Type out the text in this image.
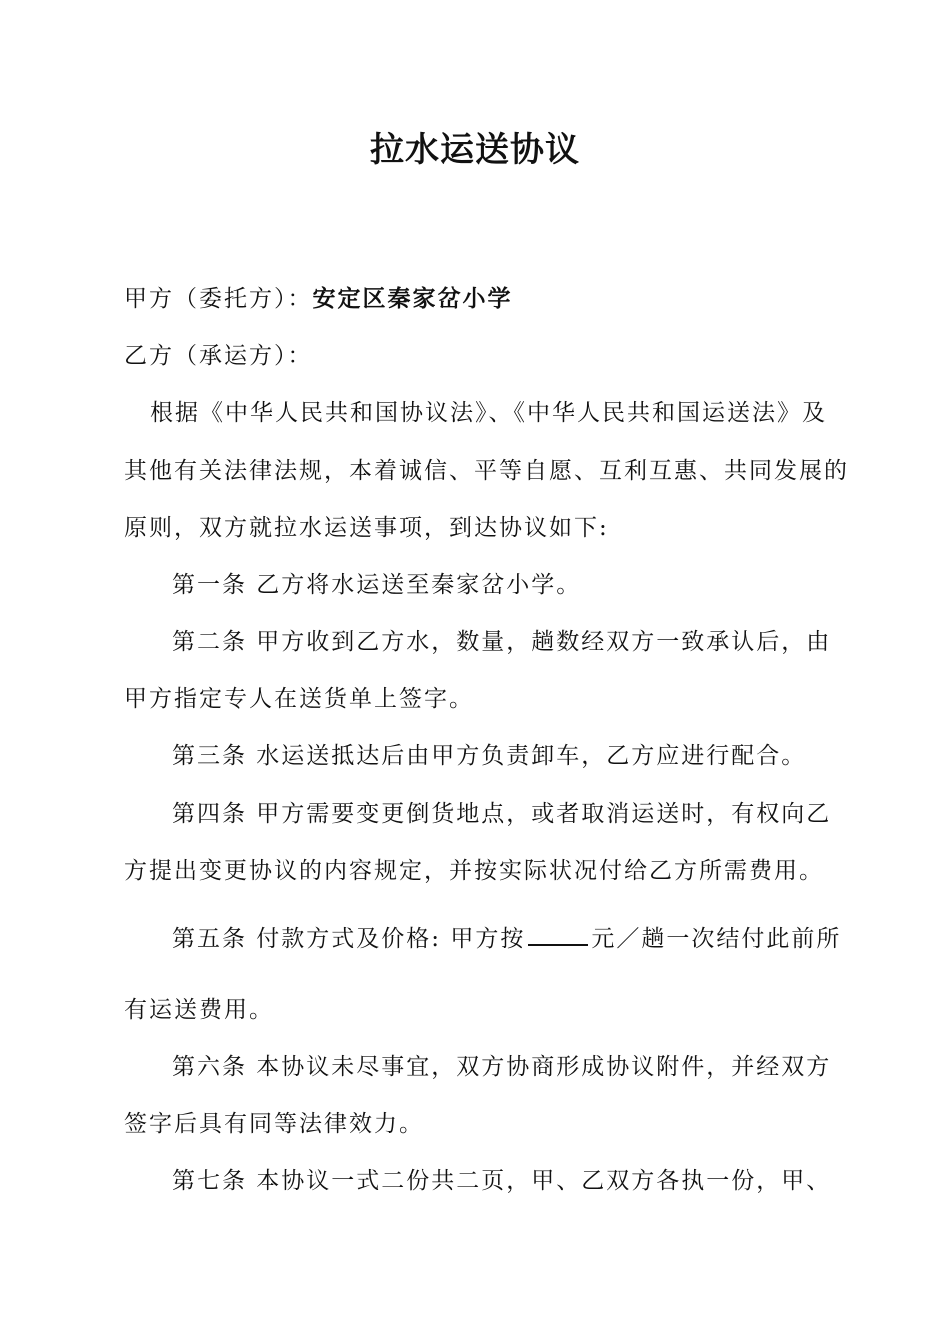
拉水运送协议
甲方（委托方）：安定区秦家岔小学
乙方（承运方）：
根据《中华人民共和国协议法》、《中华人民共和国运送法》及
其他有关法律法规，本着诚信、平等自愿、互利互惠、共同发展的
原则，双方就拉水运送事项，到达协议如下:
第一条 乙方将水运送至秦家岔小学。
第二条 甲方收到乙方水，数量，趟数经双方一致承认后，由
甲方指定专人在送货单上签字。
第三条 水运送抵达后由甲方负责卸车，乙方应进行配合。
第四条 甲方需要变更倒货地点，或者取消运送时，有权向乙
方提出变更协议的内容规定，并按实际状况付给乙方所需费用。
第五条 付款方式及价格: 甲方按	元／趟一次结付此前所
有运送费用。
第六条 本协议未尽事宜，双方协商形成协议附件，并经双方
签字后具有同等法律效力。
第七条 本协议一式二份共二页，甲、乙双方各执一份，甲、
